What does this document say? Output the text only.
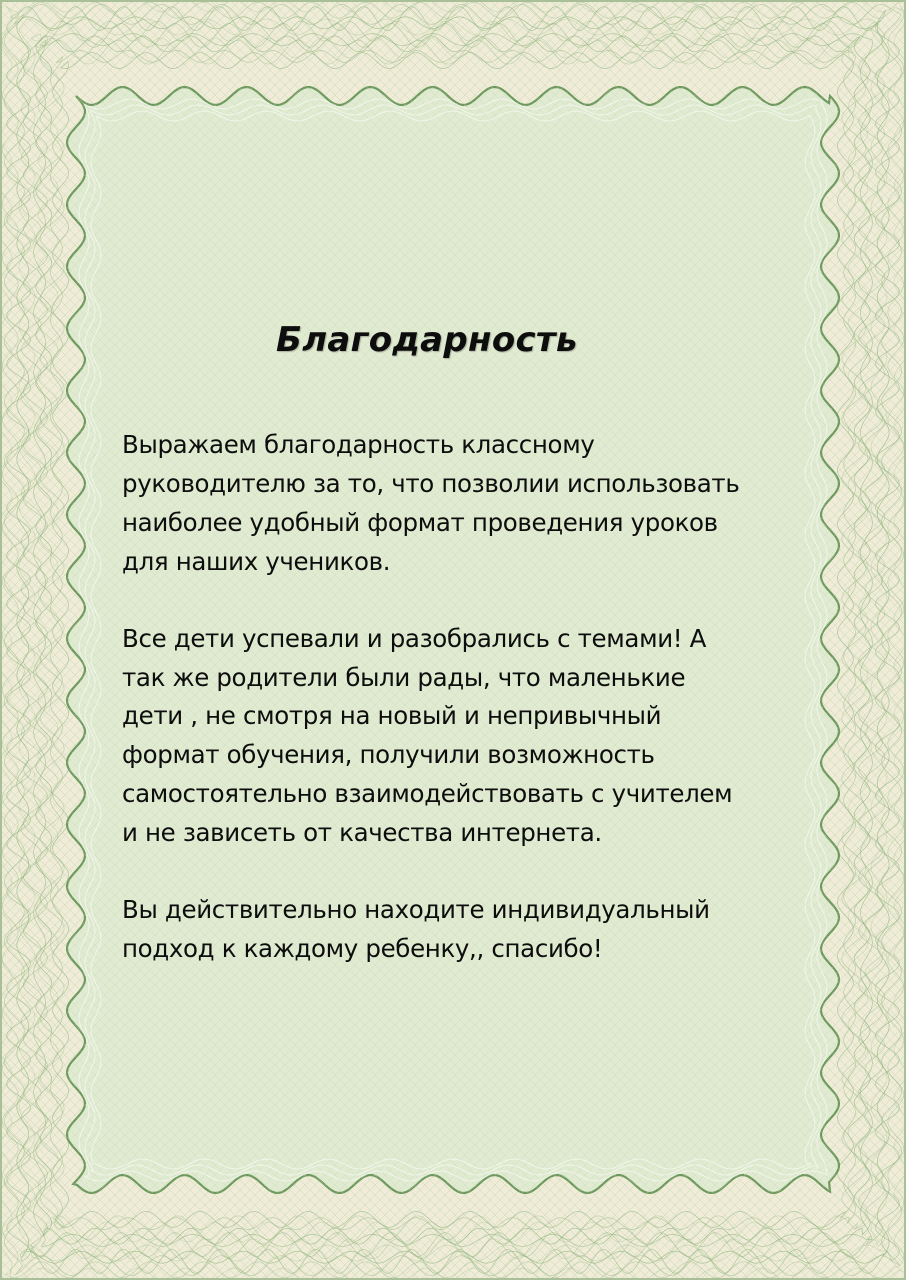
Благодарность

Выражаем благодарность классному
руководителю за то, что позволии использовать
наиболее удобный формат проведения уроков
для наших учеников.

Все дети успевали и разобрались с темами! А
так же родители были рады, что маленькие
дети , не смотря на новый и непривычный
формат обучения, получили возможность
самостоятельно взаимодействовать с учителем
и не зависеть от качества интернета.

Вы действительно находите индивидуальный
подход к каждому ребенку,, спасибо!
